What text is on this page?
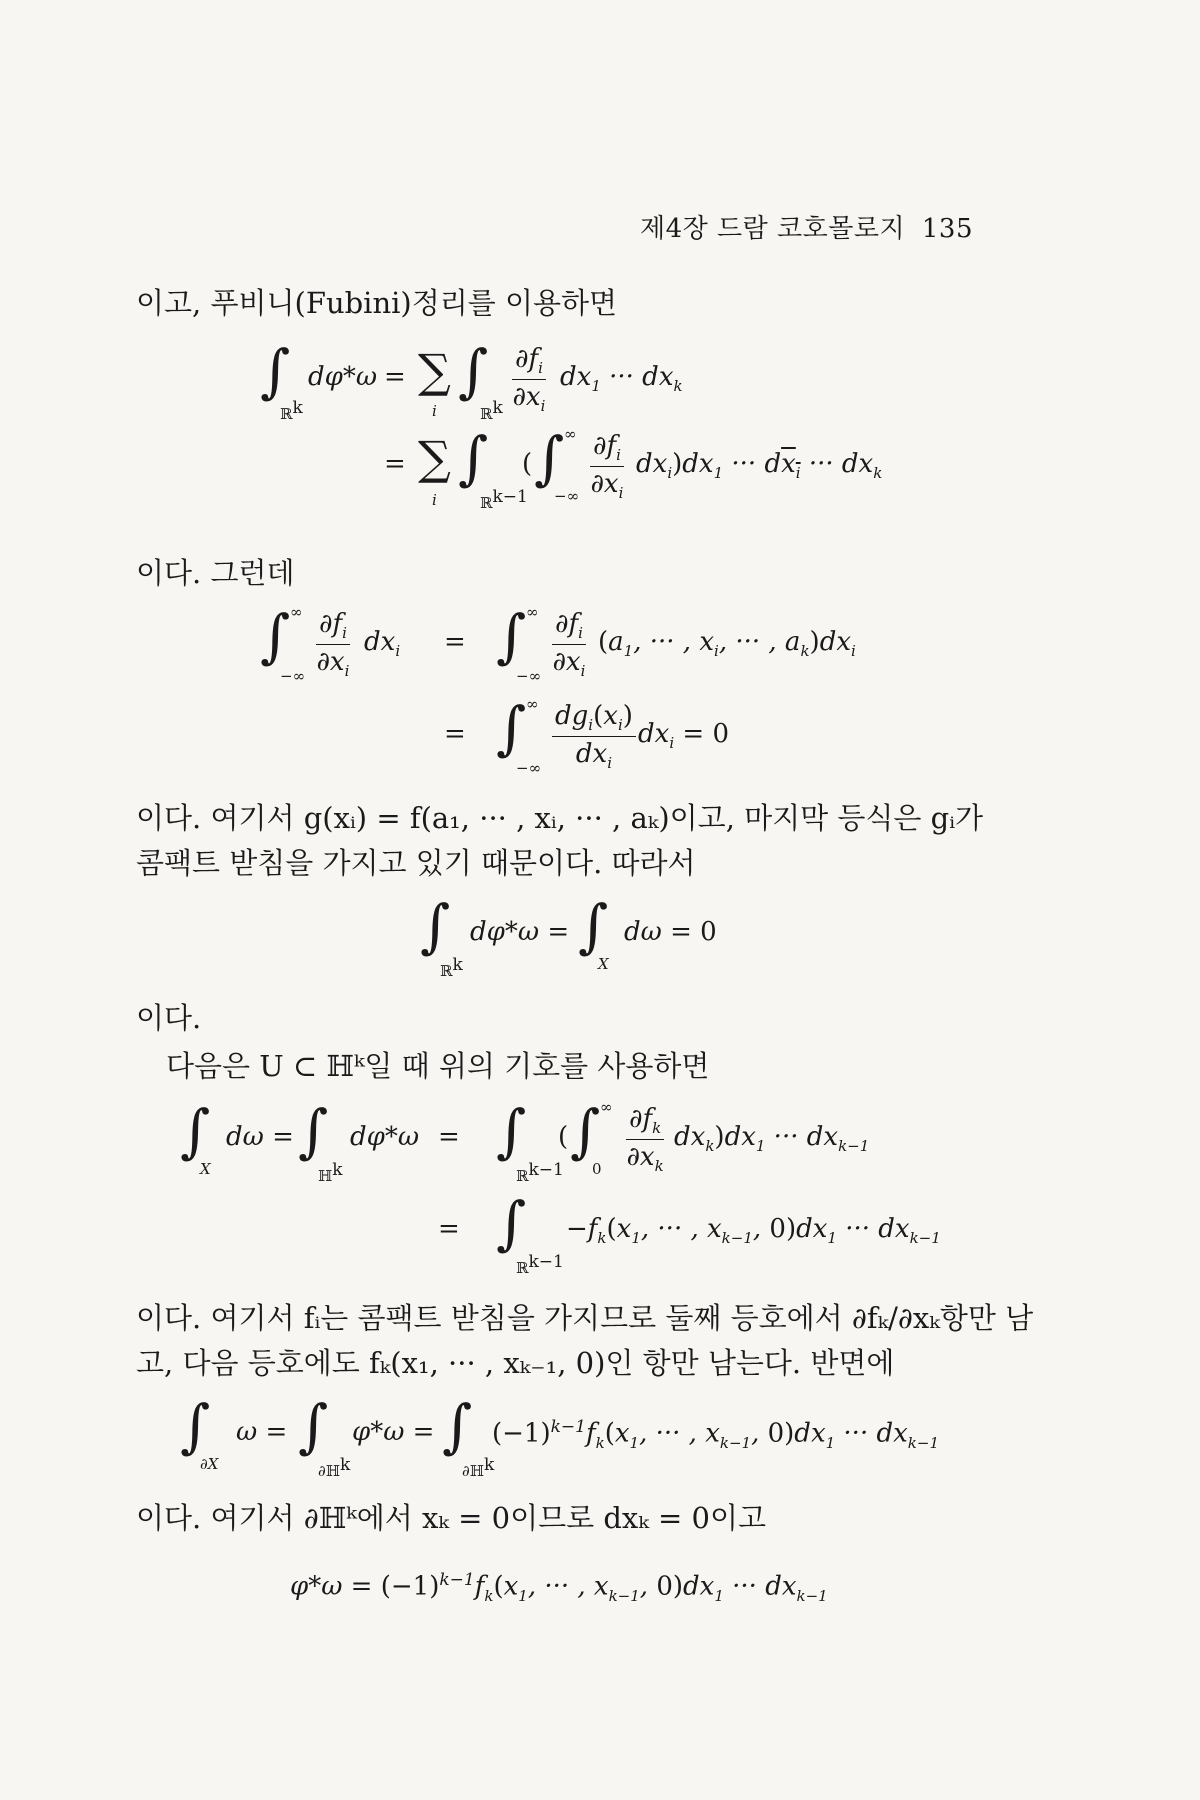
제4장 드람 코호몰로지 135
이고, 푸비니(Fubini)정리를 이용하면
∫
ℝ$^k$
dφ*ω = ∑
i
∫
ℝ$^k$ $\frac{\partial f_i}{\partial x_i} dx_1$ ··· $dx_k$
= ∑
i
∫
ℝ$^{k-1}$
( ∫
−∞
∞ $\frac{\partial f_i}{\partial x_i} dx_i)dx_1$ ··· $dx_i$ ··· $dx_k$
이다. 그런데
∫
−∞
∞ $\frac{\partial f_i}{\partial x_i} dx_i$ = ∫
−∞
∞ $\frac{\partial f_i}{\partial x_i} (a_1$, ··· , $x_i$, ··· , $a_k)dx_i$
= ∫
−∞
∞ $dg_i(x_i)$
$dx_i$
$dx_i = 0$
이다. 여기서 g(xᵢ) = f(a₁, ··· , xᵢ, ··· , aₖ)이고, 마지막 등식은 gᵢ가
콤팩트 받침을 가지고 있기 때문이다. 따라서
∫
ℝ$^k$
dφ*ω = ∫
X
dω = 0
이다.
다음은 U ⊂ ℍᵏ일 때 위의 기호를 사용하면
∫
X
dω = ∫
ℍ$^k$
dφ*ω = ∫
ℝ$^{k-1}$
( ∫
0
∞ $\frac{\partial f_k}{\partial x_k} dx_k)dx_1$ ··· $dx_{k-1}$
= ∫
ℝ$^{k-1}$
$-f_k(x_1$, ··· , $x_{k-1}$, $0)dx_1$ ··· $dx_{k-1}$
이다. 여기서 fᵢ는 콤팩트 받침을 가지므로 둘째 등호에서 ∂fₖ/∂xₖ항만 남
고, 다음 등호에도 fₖ(x₁, ··· , xₖ₋₁, 0)인 항만 남는다. 반면에
∫
∂X
ω = ∫
∂ℍ$^k$
φ*ω = ∫
∂ℍ$^k$
$(-1)^{k-1}f_k(x_1$, ··· , $x_{k-1}$, $0)dx_1$ ··· $dx_{k-1}$
이다. 여기서 ∂ℍᵏ에서 xₖ = 0이므로 dxₖ = 0이고
$\varphi*\omega = (-1)^{k-1}f_k(x_1$, ··· , $x_{k-1}$, $0)dx_1$ ··· $dx_{k-1}$
